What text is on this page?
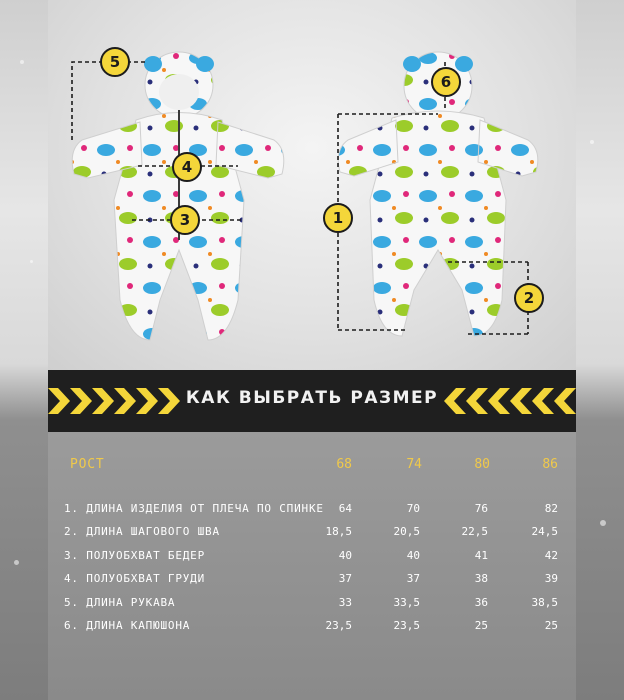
5
4
3	1
2
6
КАК ВЫБРАТЬ РАЗМЕР
РОСТ	68	74	80	86
1. ДЛИНА ИЗДЕЛИЯ ОТ ПЛЕЧА ПО СПИНКЕ	64	70	76	82
2. ДЛИНА ШАГОВОГО ШВА	18,5	20,5	22,5	24,5
3. ПОЛУОБХВАТ БЕДЕР	40	40	41	42
4. ПОЛУОБХВАТ ГРУДИ	37	37	38	39
5. ДЛИНА РУКАВА	33	33,5	36	38,5
6. ДЛИНА КАПЮШОНА	23,5	23,5	25	25
